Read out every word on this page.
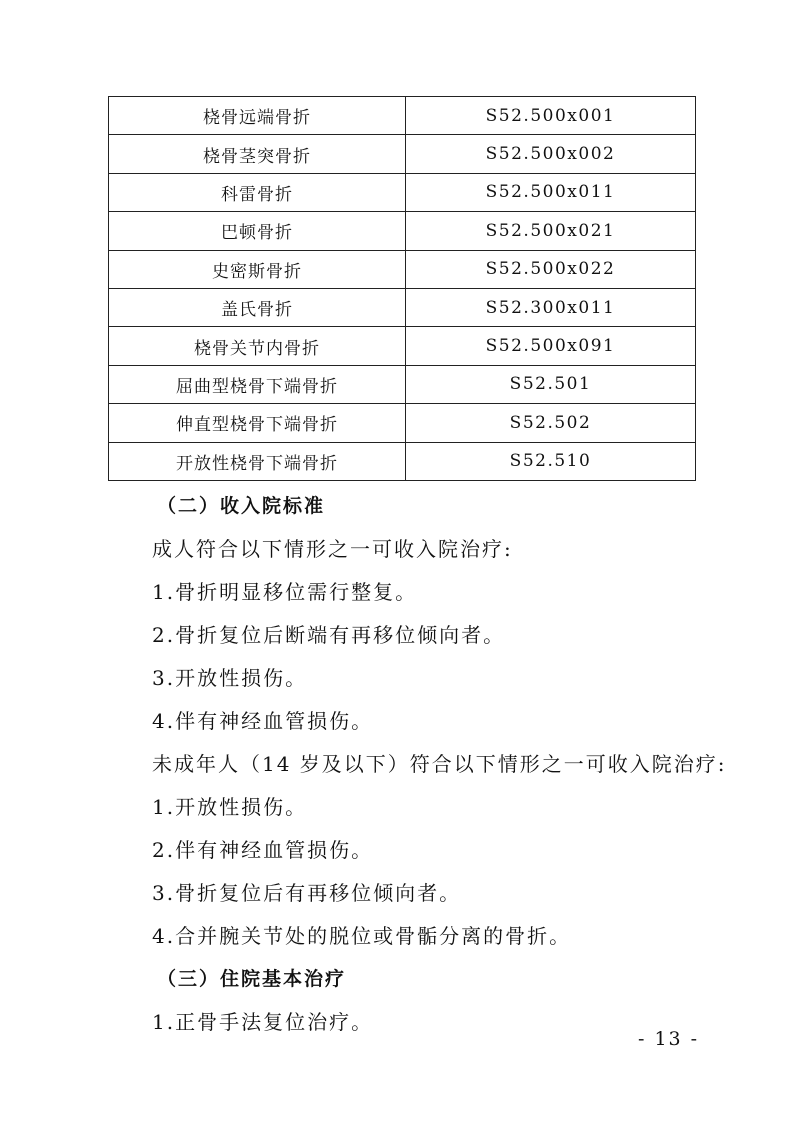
桡骨远端骨折	S52.500x001
桡骨茎突骨折	S52.500x002
科雷骨折	S52.500x011
巴顿骨折	S52.500x021
史密斯骨折	S52.500x022
盖氏骨折	S52.300x011
桡骨关节内骨折	S52.500x091
屈曲型桡骨下端骨折	S52.501
伸直型桡骨下端骨折	S52.502
开放性桡骨下端骨折	S52.510
（二）收入院标准
成人符合以下情形之一可收入院治疗:
1.骨折明显移位需行整复。
2.骨折复位后断端有再移位倾向者。
3.开放性损伤。
4.伴有神经血管损伤。
未成年人（14 岁及以下）符合以下情形之一可收入院治疗:
1.开放性损伤。
2.伴有神经血管损伤。
3.骨折复位后有再移位倾向者。
4.合并腕关节处的脱位或骨骺分离的骨折。
（三）住院基本治疗
1.正骨手法复位治疗。
- 13 -
